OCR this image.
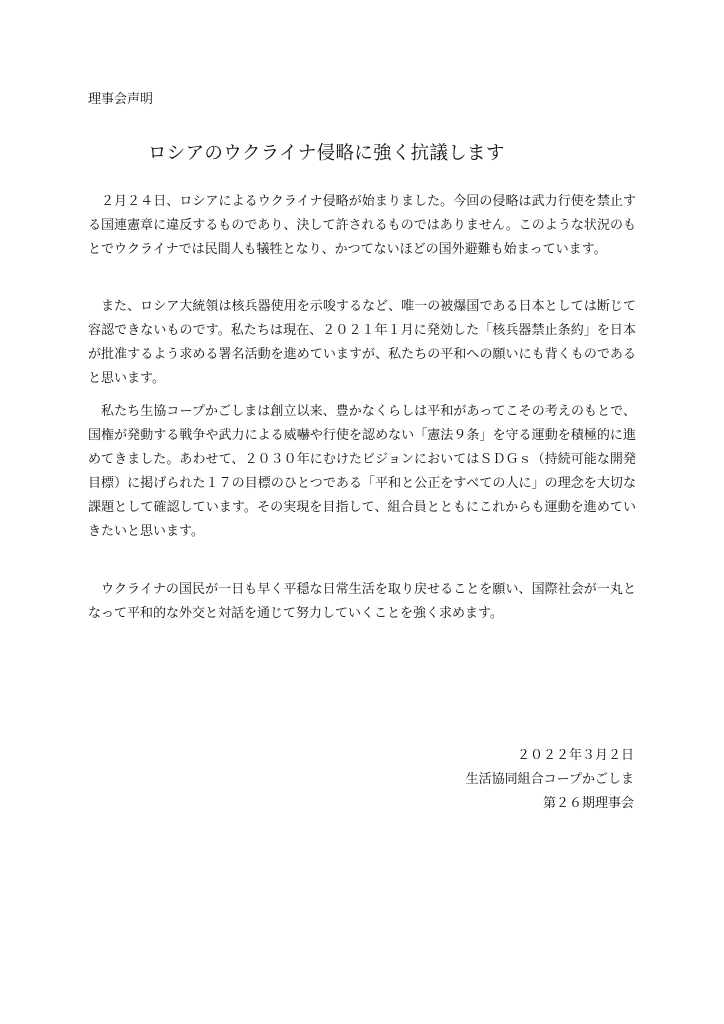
理事会声明
ロシアのウクライナ侵略に強く抗議します

２月２４日、ロシアによるウクライナ侵略が始まりました。今回の侵略は武力行使を禁止する国連憲章に違反するものであり、決して許されるものではありません。このような状況のもとでウクライナでは民間人も犠牲となり、かつてないほどの国外避難も始まっています。

また、ロシア大統領は核兵器使用を示唆するなど、唯一の被爆国である日本としては断じて容認できないものです。私たちは現在、２０２１年１月に発効した「核兵器禁止条約」を日本が批准するよう求める署名活動を進めていますが、私たちの平和への願いにも背くものであると思います。

私たち生協コープかごしまは創立以来、豊かなくらしは平和があってこその考えのもとで、国権が発動する戦争や武力による威嚇や行使を認めない「憲法９条」を守る運動を積極的に進めてきました。あわせて、２０３０年にむけたビジョンにおいてはＳＤＧｓ（持続可能な開発目標）に掲げられた１７の目標のひとつである「平和と公正をすべての人に」の理念を大切な課題として確認しています。その実現を目指して、組合員とともにこれからも運動を進めていきたいと思います。

ウクライナの国民が一日も早く平穏な日常生活を取り戻せることを願い、国際社会が一丸となって平和的な外交と対話を通じて努力していくことを強く求めます。

２０２２年３月２日
生活協同組合コープかごしま
第２６期理事会
